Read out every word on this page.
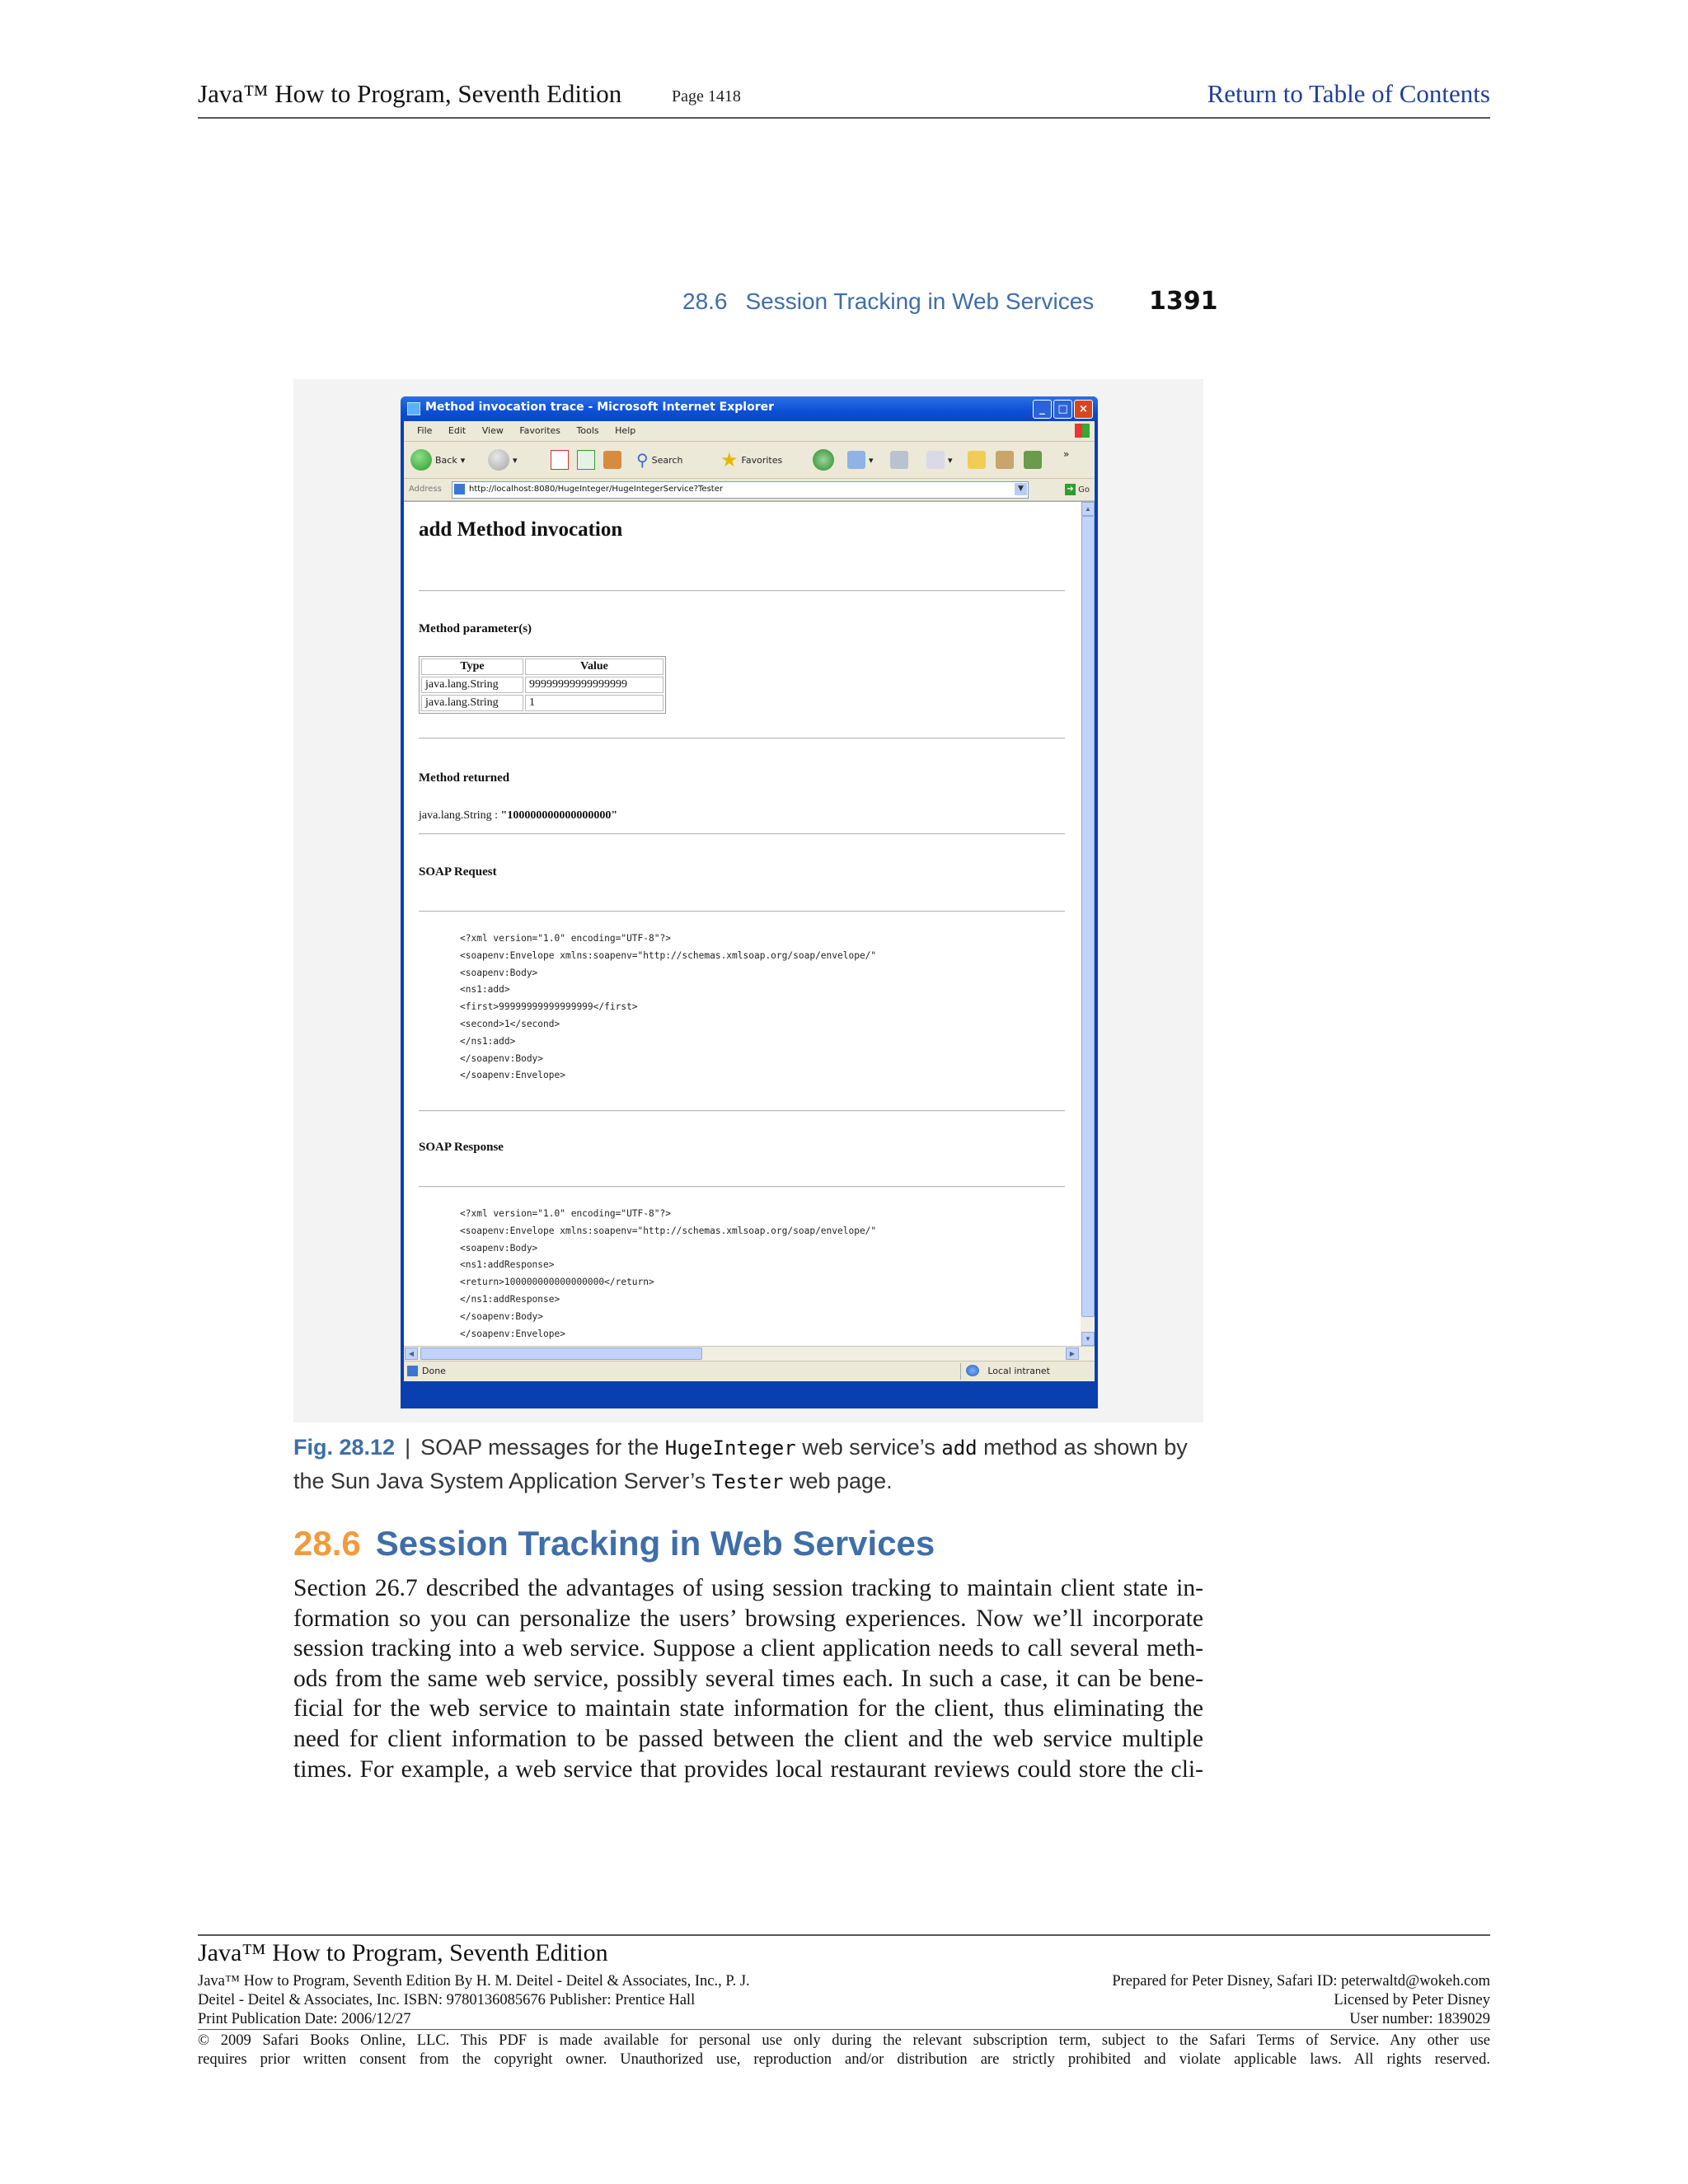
Java™ How to Program, Seventh Edition	Page 1418	Return to Table of Contents
28.6 Session Tracking in Web Services 1391
Method invocation trace - Microsoft Internet Explorer	_	□	×
File Edit View Favorites Tools Help
Back ▾	▾	⚲ Search ★ Favorites	▾	▾	»
Address	http://localhost:8080/HugeInteger/HugeIntegerService?Tester	▼	➔ Go
add Method invocation
Method parameter(s)
Type	Value
java.lang.String	99999999999999999
java.lang.String	1
Method returned
java.lang.String : "100000000000000000"
SOAP Request
<?xml version="1.0" encoding="UTF-8"?>
<soapenv:Envelope xmlns:soapenv="http://schemas.xmlsoap.org/soap/envelope/"
<soapenv:Body>
<ns1:add>
<first>99999999999999999</first>
<second>1</second>
</ns1:add>
</soapenv:Body>
</soapenv:Envelope>
SOAP Response
<?xml version="1.0" encoding="UTF-8"?>
<soapenv:Envelope xmlns:soapenv="http://schemas.xmlsoap.org/soap/envelope/"
<soapenv:Body>
<ns1:addResponse>
<return>100000000000000000</return>
</ns1:addResponse>
</soapenv:Body>
</soapenv:Envelope>
▲
▼
◀	▶
Done	Local intranet
Fig. 28.12 | SOAP messages for the HugeInteger web service’s add method as shown by the Sun Java System Application Server’s Tester web page.
28.6 Session Tracking in Web Services
Section 26.7 described the advantages of using session tracking to maintain client state in-
formation so you can personalize the users’ browsing experiences. Now we’ll incorporate
session tracking into a web service. Suppose a client application needs to call several meth-
ods from the same web service, possibly several times each. In such a case, it can be bene-
ficial for the web service to maintain state information for the client, thus eliminating the
need for client information to be passed between the client and the web service multiple
times. For example, a web service that provides local restaurant reviews could store the cli-
Java™ How to Program, Seventh Edition
Java™ How to Program, Seventh Edition By H. M. Deitel - Deitel & Associates, Inc., P. J.
Deitel - Deitel & Associates, Inc. ISBN: 9780136085676 Publisher: Prentice Hall
Print Publication Date: 2006/12/27
Prepared for Peter Disney, Safari ID: peterwaltd@wokeh.com
Licensed by Peter Disney
User number: 1839029
© 2009 Safari Books Online, LLC. This PDF is made available for personal use only during the relevant subscription term, subject to the Safari Terms of Service. Any other use
requires prior written consent from the copyright owner. Unauthorized use, reproduction and/or distribution are strictly prohibited and violate applicable laws. All rights reserved.
